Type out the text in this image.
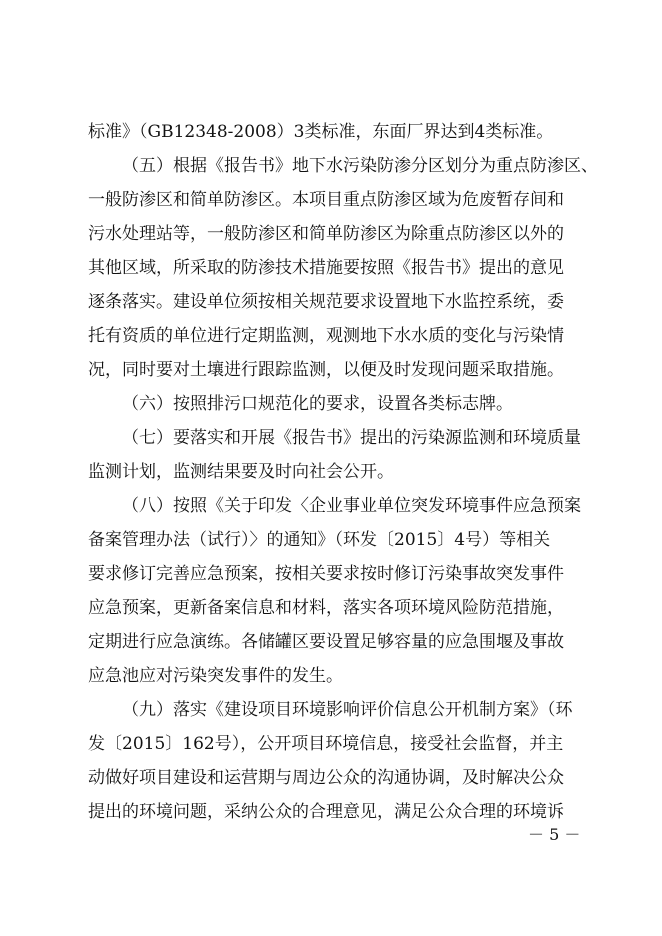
标准》（GB12348-2008）3类标准，东面厂界达到4类标准。
（五）根据《报告书》地下水污染防渗分区划分为重点防渗区、
一般防渗区和简单防渗区。本项目重点防渗区域为危废暂存间和
污水处理站等，一般防渗区和简单防渗区为除重点防渗区以外的
其他区域，所采取的防渗技术措施要按照《报告书》提出的意见
逐条落实。建设单位须按相关规范要求设置地下水监控系统，委
托有资质的单位进行定期监测，观测地下水水质的变化与污染情
况，同时要对土壤进行跟踪监测，以便及时发现问题采取措施。
（六）按照排污口规范化的要求，设置各类标志牌。
（七）要落实和开展《报告书》提出的污染源监测和环境质量
监测计划，监测结果要及时向社会公开。
（八）按照《关于印发〈企业事业单位突发环境事件应急预案
备案管理办法（试行）〉的通知》（环发〔2015〕4号）等相关
要求修订完善应急预案，按相关要求按时修订污染事故突发事件
应急预案，更新备案信息和材料，落实各项环境风险防范措施，
定期进行应急演练。各储罐区要设置足够容量的应急围堰及事故
应急池应对污染突发事件的发生。
（九）落实《建设项目环境影响评价信息公开机制方案》（环
发〔2015〕162号），公开项目环境信息，接受社会监督，并主
动做好项目建设和运营期与周边公众的沟通协调，及时解决公众
提出的环境问题，采纳公众的合理意见，满足公众合理的环境诉
－ 5 －
